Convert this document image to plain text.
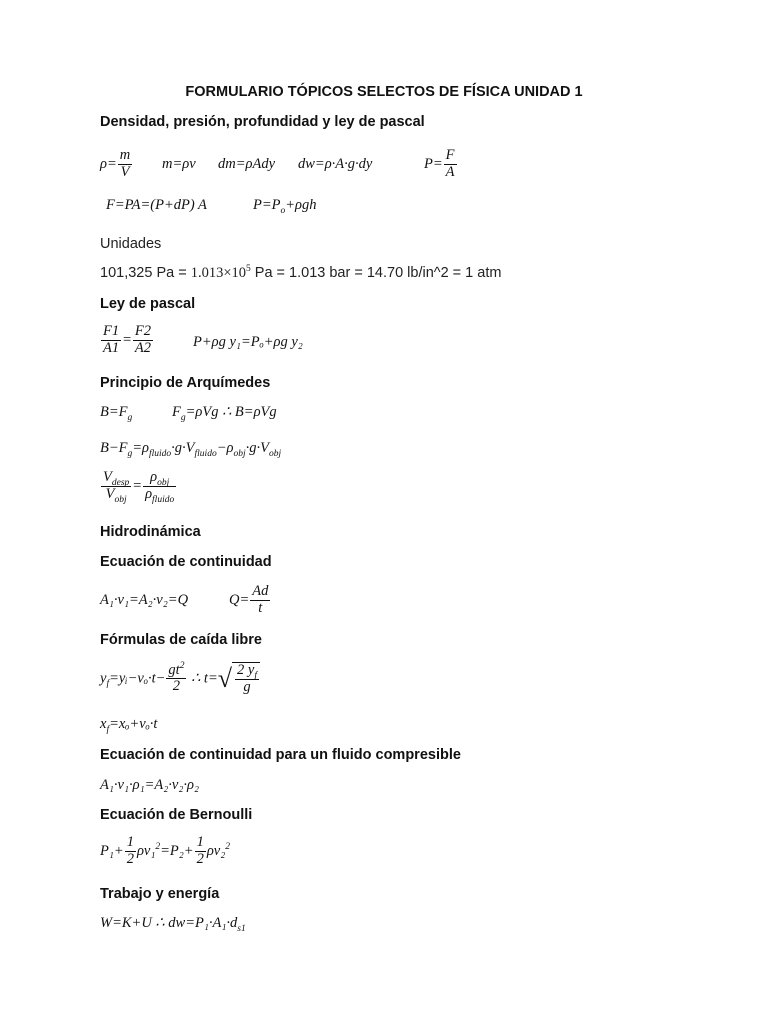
FORMULARIO TÓPICOS SELECTOS DE FÍSICA UNIDAD 1
Densidad, presión, profundidad y ley de pascal
$\rho= \frac{m}{V} m=\rho v$ dm=ρAdy dw=ρ·A·g·dy	$P= \frac{F}{A}$
F=PA=(P+dP) A	$P=P_o+\rho gh$
Unidades
101,325 $Pa = 1.013\times 10^5$ Pa = 1.013 bar = 14.70 lb/in^2 = 1 atm
Ley de pascal
$\frac{F1}{A1} = \frac{F2}{A2}$	P+ρg y₁=Pₒ+ρg y₂
Principio de Arquímedes
$B=F_g$	$F_g=\rho Vg$ ∴ B=ρVg
$B-F_g=\rho_{fluido}\cdot g\cdot V_{fluido}-\rho_{obj}\cdot g\cdot V_{obj}$
$\frac{V_{desp}}{V_{obj}} = \frac{\rho_{obj}}{\rho_{fluido}}$
Hidrodinámica
Ecuación de continuidad
A₁·v₁=A₂·v₂=Q	$Q= \frac{Ad}{t}$
Fórmulas de caída libre
$y_f=yᵢ-v_o\cdot t- \frac{gt^2}{2}$ ∴ $t=√ \frac{2 y_f}{g}$
$x_f=x_o+v_o\cdot t$
Ecuación de continuidad para un fluido compresible
A₁·v₁·ρ₁=A₂·v₂·ρ₂
Ecuación de Bernoulli
$P_1+ \frac{1}{2} \rho v_1^2=P_2+ \frac{1}{2} \rho v_2^2$
Trabajo y energía
W=K+U ∴ $dw=P_1\cdot A_1\cdot d_{s1}$
